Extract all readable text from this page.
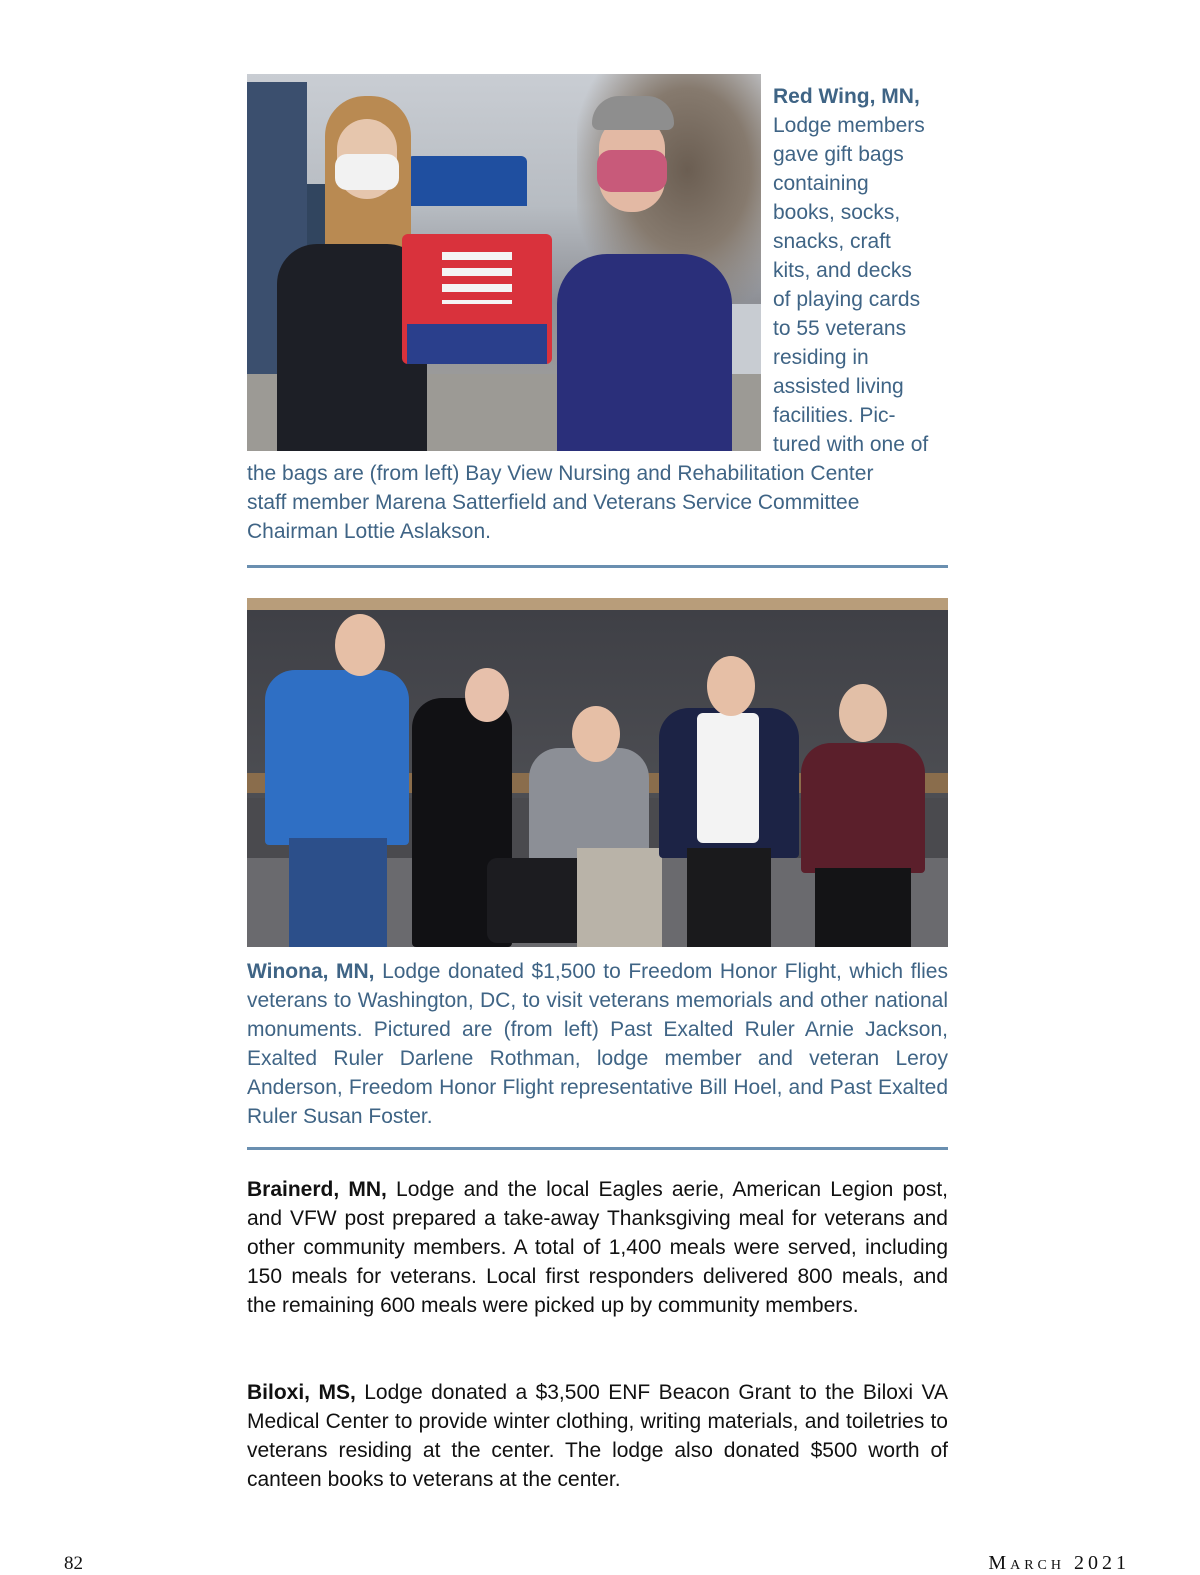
Red Wing, MN,
Lodge members
gave gift bags
containing
books, socks,
snacks, craft
kits, and decks
of playing cards
to 55 veterans
residing in
assisted living
facilities. Pic-
tured with one of
the bags are (from left) Bay View Nursing and Rehabilitation Center
staff member Marena Satterfield and Veterans Service Committee
Chairman Lottie Aslakson.
Winona, MN, Lodge donated $1,500 to Freedom Honor Flight, which flies veterans to Washington, DC, to visit veterans memorials and other national monuments. Pictured are (from left) Past Exalted Ruler Arnie Jackson, Exalted Ruler Darlene Rothman, lodge member and veteran Leroy Anderson, Freedom Honor Flight representative Bill Hoel, and Past Exalted Ruler Susan Foster.
Brainerd, MN, Lodge and the local Eagles aerie, American Legion post, and VFW post prepared a take-away Thanksgiving meal for veterans and other community members. A total of 1,400 meals were served, including 150 meals for veterans. Local first responders delivered 800 meals, and the remaining 600 meals were picked up by community members.
Biloxi, MS, Lodge donated a $3,500 ENF Beacon Grant to the Biloxi VA Medical Center to provide winter clothing, writing materials, and toiletries to veterans residing at the center. The lodge also donated $500 worth of canteen books to veterans at the center.
82	March 2021
